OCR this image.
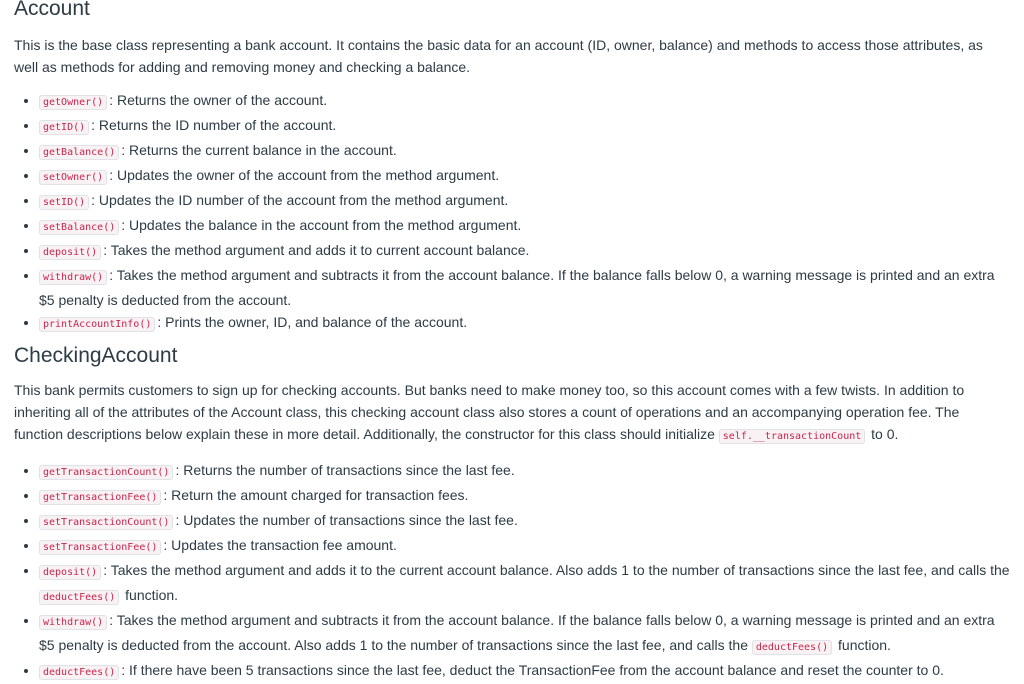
Account

This is the base class representing a bank account. It contains the basic data for an account (ID, owner, balance) and methods to access those attributes, as well as methods for adding and removing money and checking a balance.

• getOwner() : Returns the owner of the account.
• getID() : Returns the ID number of the account.
• getBalance() : Returns the current balance in the account.
• setOwner() : Updates the owner of the account from the method argument.
• setID() : Updates the ID number of the account from the method argument.
• setBalance() : Updates the balance in the account from the method argument.
• deposit() : Takes the method argument and adds it to current account balance.
• withdraw() : Takes the method argument and subtracts it from the account balance. If the balance falls below 0, a warning message is printed and an extra $5 penalty is deducted from the account.
• printAccountInfo() : Prints the owner, ID, and balance of the account.
CheckingAccount

This bank permits customers to sign up for checking accounts. But banks need to make money too, so this account comes with a few twists. In addition to inheriting all of the attributes of the Account class, this checking account class also stores a count of operations and an accompanying operation fee. The function descriptions below explain these in more detail. Additionally, the constructor for this class should initialize self.__transactionCount to 0.

• getTransactionCount() : Returns the number of transactions since the last fee.
• getTransactionFee() : Return the amount charged for transaction fees.
• setTransactionCount() : Updates the number of transactions since the last fee.
• setTransactionFee() : Updates the transaction fee amount.
• deposit() : Takes the method argument and adds it to the current account balance. Also adds 1 to the number of transactions since the last fee, and calls the deductFees() function.
• withdraw() : Takes the method argument and subtracts it from the account balance. If the balance falls below 0, a warning message is printed and an extra $5 penalty is deducted from the account. Also adds 1 to the number of transactions since the last fee, and calls the deductFees() function.
• deductFees() : If there have been 5 transactions since the last fee, deduct the TransactionFee from the account balance and reset the counter to 0.
